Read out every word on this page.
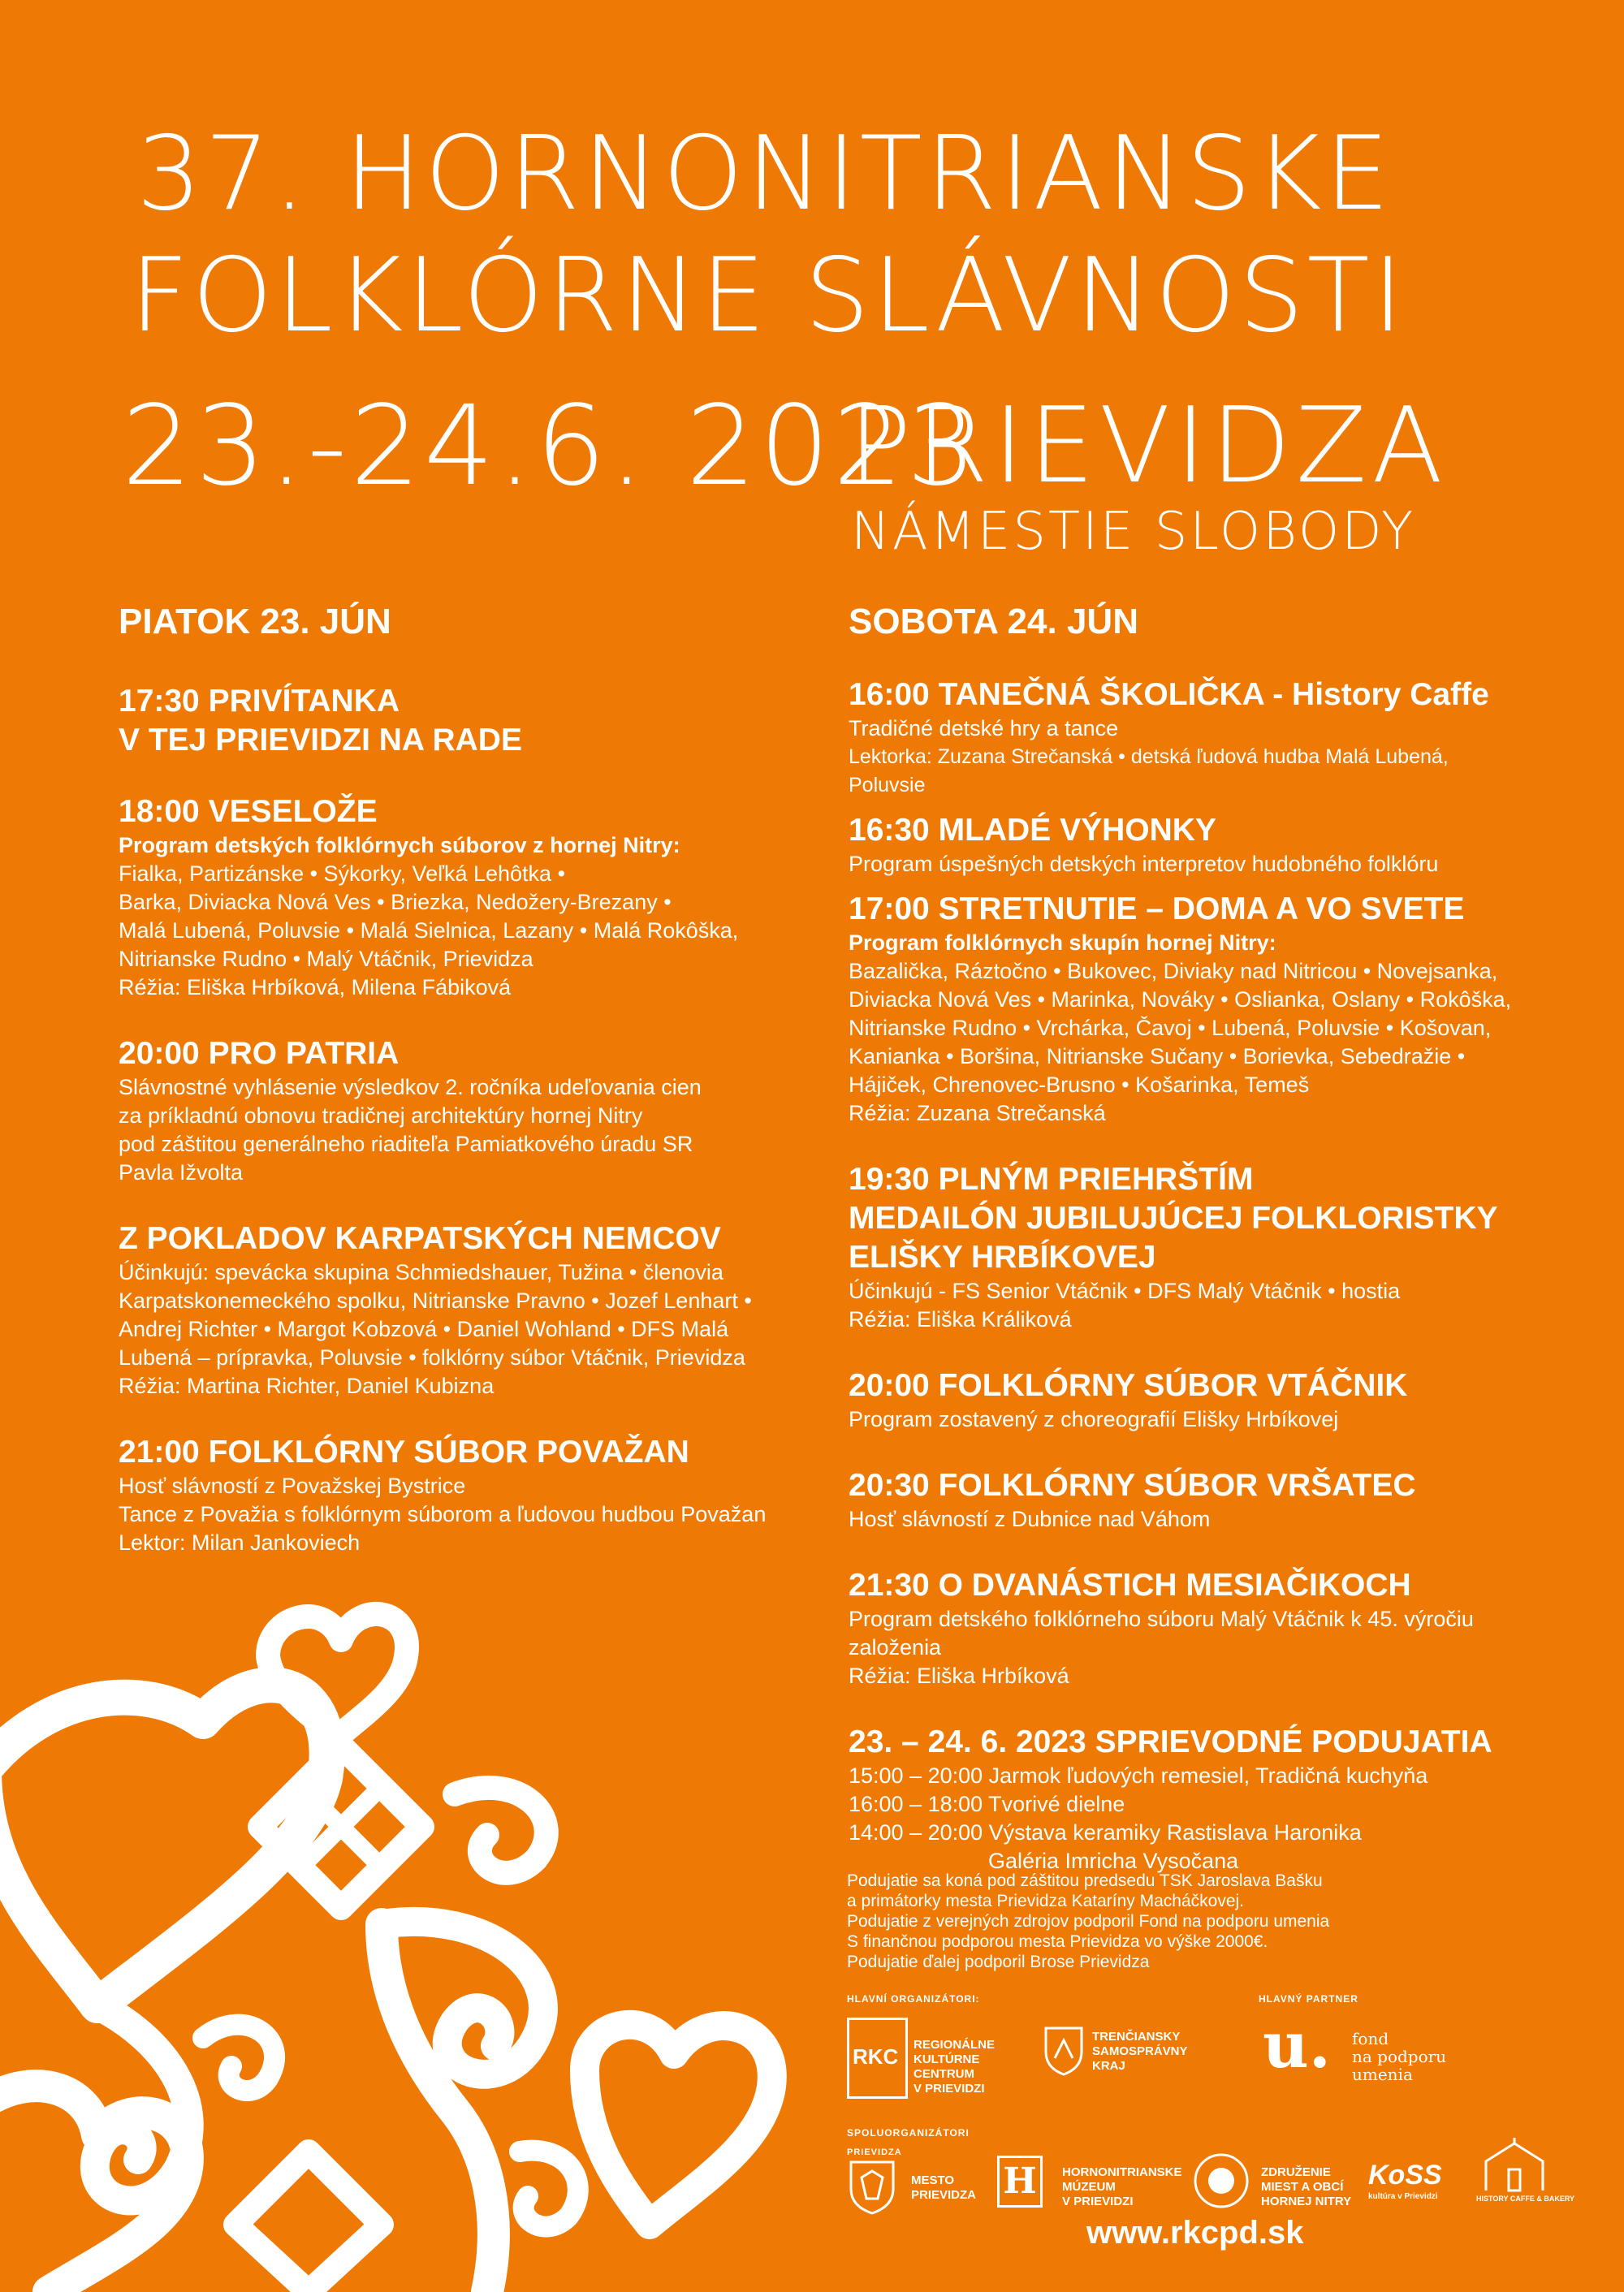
37. HORNONITRIANSKE
FOLKLÓRNE SLÁVNOSTI
23.-24.6. 2023
PRIEVIDZA
NÁMESTIE SLOBODY
PIATOK 23. JÚN
17:30 PRIVÍTANKA
V TEJ PRIEVIDZI NA RADE
18:00 VESELOŽE
Program detských folklórnych súborov z hornej Nitry:
Fialka, Partizánske • Sýkorky, Veľká Lehôtka •
Barka, Diviacka Nová Ves • Briezka, Nedožery-Brezany •
Malá Lubená, Poluvsie • Malá Sielnica, Lazany • Malá Rokôška,
Nitrianske Rudno • Malý Vtáčnik, Prievidza
Réžia: Eliška Hrbíková, Milena Fábiková
20:00 PRO PATRIA
Slávnostné vyhlásenie výsledkov 2. ročníka udeľovania cien
za príkladnú obnovu tradičnej architektúry hornej Nitry
pod záštitou generálneho riaditeľa Pamiatkového úradu SR
Pavla Ižvolta
Z POKLADOV KARPATSKÝCH NEMCOV
Účinkujú: spevácka skupina Schmiedshauer, Tužina • členovia
Karpatskonemeckého spolku, Nitrianske Pravno • Jozef Lenhart •
Andrej Richter • Margot Kobzová • Daniel Wohland • DFS Malá
Lubená – prípravka, Poluvsie • folklórny súbor Vtáčnik, Prievidza
Réžia: Martina Richter, Daniel Kubizna
21:00 FOLKLÓRNY SÚBOR POVAŽAN
Hosť slávností z Považskej Bystrice
Tance z Považia s folklórnym súborom a ľudovou hudbou Považan
Lektor: Milan Jankoviech
SOBOTA 24. JÚN
16:00 TANEČNÁ ŠKOLIČKA - History Caffe
Tradičné detské hry a tance
Lektorka: Zuzana Strečanská • detská ľudová hudba Malá Lubená,
Poluvsie
16:30 MLADÉ VÝHONKY
Program úspešných detských interpretov hudobného folklóru
17:00 STRETNUTIE – DOMA A VO SVETE
Program folklórnych skupín hornej Nitry:
Bazalička, Ráztočno • Bukovec, Diviaky nad Nitricou • Novejsanka,
Diviacka Nová Ves • Marinka, Nováky • Oslianka, Oslany • Rokôška,
Nitrianske Rudno • Vrchárka, Čavoj • Lubená, Poluvsie • Košovan,
Kanianka • Boršina, Nitrianske Sučany • Borievka, Sebedražie •
Hájiček, Chrenovec-Brusno • Košarinka, Temeš
Réžia: Zuzana Strečanská
19:30 PLNÝM PRIEHRŠTÍM
MEDAILÓN JUBILUJÚCEJ FOLKLORISTKY
ELIŠKY HRBÍKOVEJ
Účinkujú - FS Senior Vtáčnik • DFS Malý Vtáčnik • hostia
Réžia: Eliška Králiková
20:00 FOLKLÓRNY SÚBOR VTÁČNIK
Program zostavený z choreografií Elišky Hrbíkovej
20:30 FOLKLÓRNY SÚBOR VRŠATEC
Hosť slávností z Dubnice nad Váhom
21:30 O DVANÁSTICH MESIAČIKOCH
Program detského folklórneho súboru Malý Vtáčnik k 45. výročiu
založenia
Réžia: Eliška Hrbíková
23. – 24. 6. 2023 SPRIEVODNÉ PODUJATIA
15:00 – 20:00 Jarmok ľudových remesiel, Tradičná kuchyňa
16:00 – 18:00 Tvorivé dielne
14:00 – 20:00 Výstava keramiky Rastislava Haronika
Galéria Imricha Vysočana
Podujatie sa koná pod záštitou predsedu TSK Jaroslava Bašku
a primátorky mesta Prievidza Kataríny Macháčkovej.
Podujatie z verejných zdrojov podporil Fond na podporu umenia
S finančnou podporou mesta Prievidza vo výške 2000€.
Podujatie ďalej podporil Brose Prievidza
HLAVNÍ ORGANIZÁTORI:	HLAVNÝ PARTNER
SPOLUORGANIZÁTORI
RKC	REGIONÁLNE
KULTÚRNE
CENTRUM
V PRIEVIDZI
TRENČIANSKY
SAMOSPRÁVNY
KRAJ	u. fond
na podporu
umenia
PRIEVIDZA
MESTO
PRIEVIDZA H	HORNONITRIANSKE
MÚZEUM
V PRIEVIDZI
ZDRUŽENIE
MIEST A OBCÍ
HORNEJ NITRY
KoSS
kultúra v Prievidzi	HISTORY CAFFE & BAKERY
www.rkcpd.sk
